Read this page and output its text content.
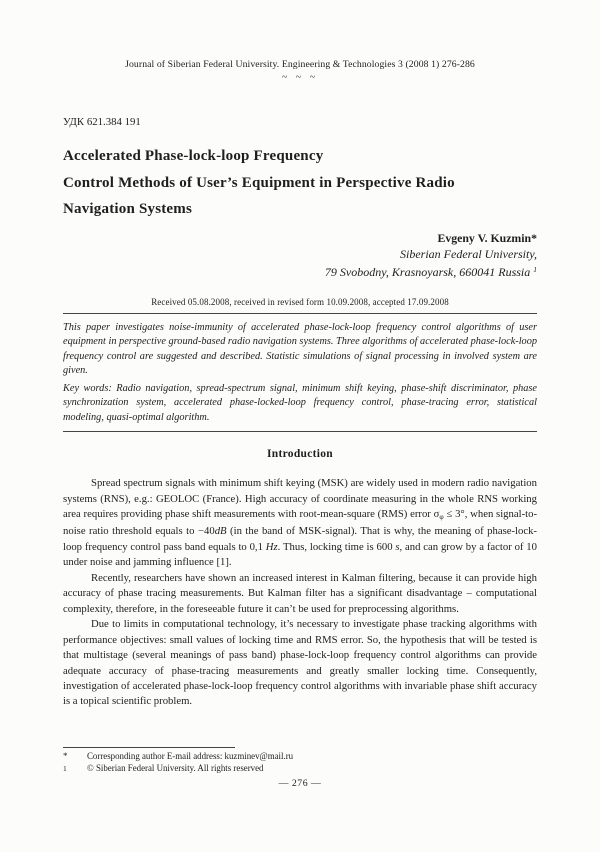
Journal of Siberian Federal University. Engineering & Technologies 3 (2008 1) 276-286
~ ~ ~
УДК 621.384 191
Accelerated Phase-lock-loop Frequency
Control Methods of User’s Equipment in Perspective Radio
Navigation Systems
Evgeny V. Kuzmin*
Siberian Federal University,
79 Svobodny, Krasnoyarsk, 660041 Russia $^1$
Received 05.08.2008, received in revised form 10.09.2008, accepted 17.09.2008

This paper investigates noise-immunity of accelerated phase-lock-loop frequency control algorithms of user equipment in perspective ground-based radio navigation systems. Three algorithms of accelerated phase-lock-loop frequency control are suggested and described. Statistic simulations of signal processing in involved system are given.

Key words: Radio navigation, spread-spectrum signal, minimum shift keying, phase-shift discriminator, phase synchronization system, accelerated phase-locked-loop frequency control, phase-tracing error, statistical modeling, quasi-optimal algorithm.

Introduction

Spread spectrum signals with minimum shift keying (MSK) are widely used in modern radio navigation systems (RNS), e.g.: GEOLOC (France). High accuracy of coordinate measuring in the whole RNS working area requires providing phase shift measurements with root-mean-square (RMS) error $\sigma_\varphi \le 3^\circ$, when signal-to-noise ratio threshold equals to −40dB (in the band of MSK-signal). That is why, the meaning of phase-lock-loop frequency control pass band equals to 0,1 Hz. Thus, locking time is 600 s, and can grow by a factor of 10 under noise and jamming influence [1].

Recently, researchers have shown an increased interest in Kalman filtering, because it can provide high accuracy of phase tracing measurements. But Kalman filter has a significant disadvantage – computational complexity, therefore, in the foreseeable future it can’t be used for preprocessing algorithms.

Due to limits in computational technology, it’s necessary to investigate phase tracking algorithms with performance objectives: small values of locking time and RMS error. So, the hypothesis that will be tested is that multistage (several meanings of pass band) phase-lock-loop frequency control algorithms can provide adequate accuracy of phase-tracing measurements and greatly smaller locking time. Consequently, investigation of accelerated phase-lock-loop frequency control algorithms with invariable phase shift accuracy is a topical scientific problem.

*	Corresponding author E-mail address: kuzminev@mail.ru
$^1$	© Siberian Federal University. All rights reserved
— 276 —
